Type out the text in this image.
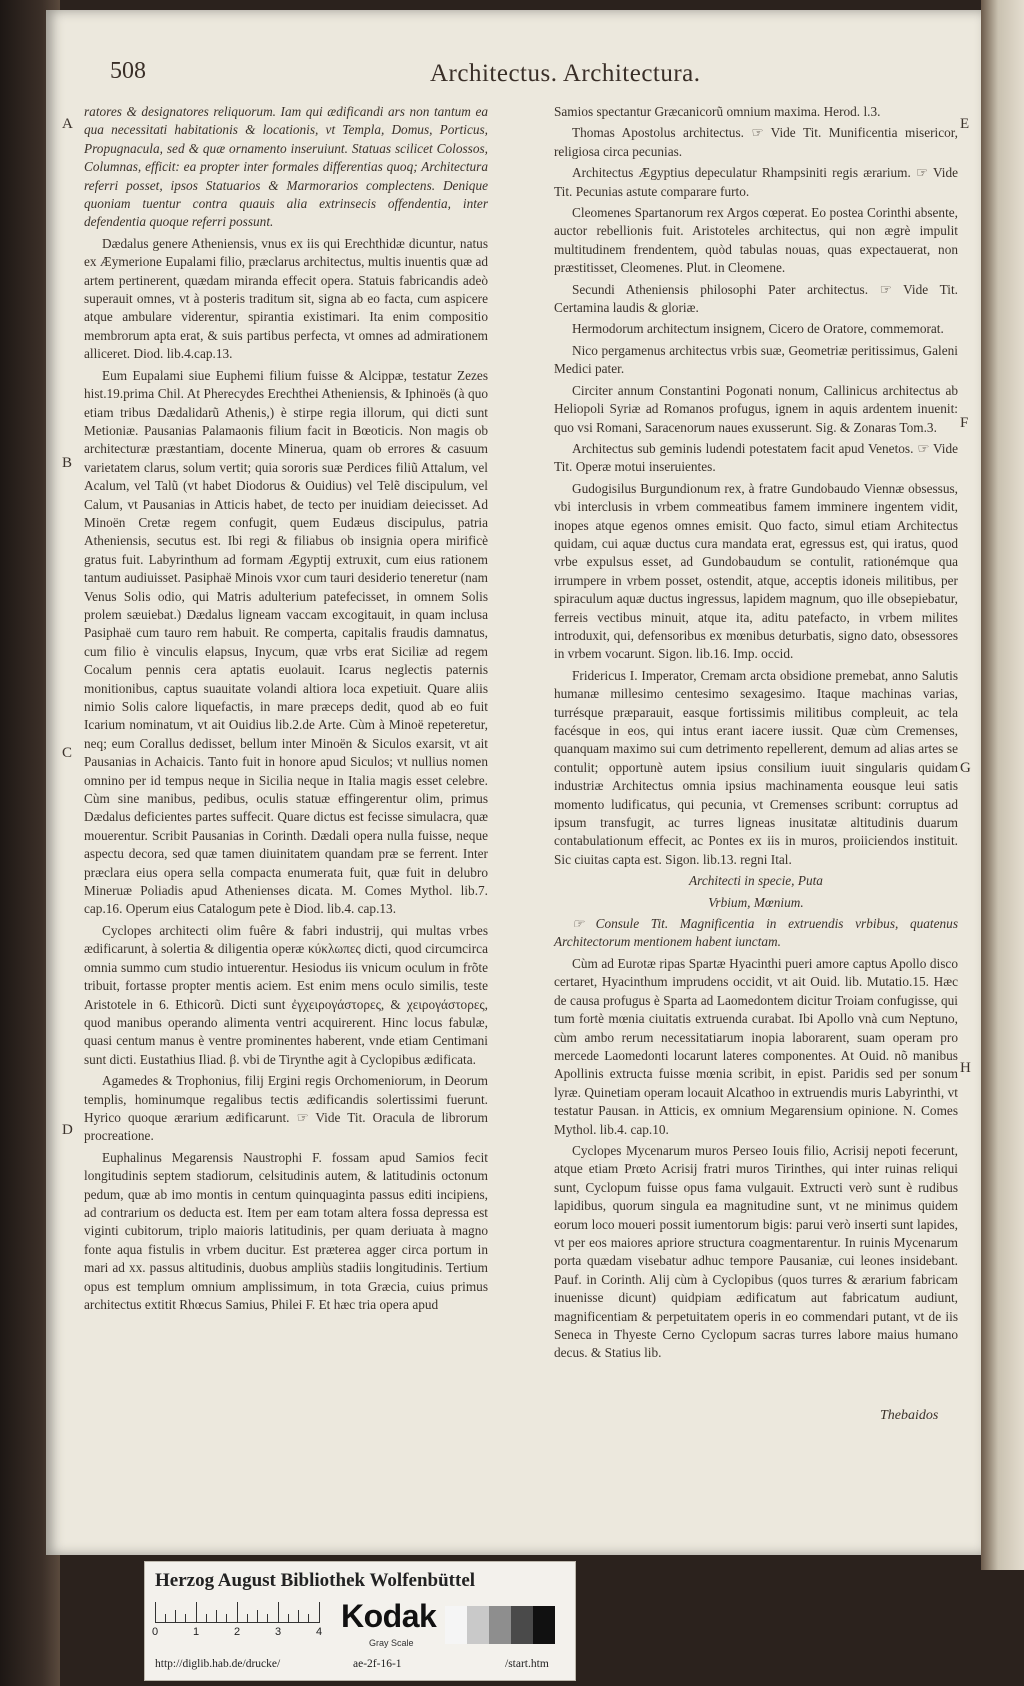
508	Architectus. Architectura.
A
B
C
D
E
F
G
H

ratores & designatores reliquorum. Iam qui ædificandi ars non tantum ea qua necessitati habitationis & locationis, vt Templa, Domus, Porticus, Propugnacula, sed & quæ ornamento inseruiunt. Statuas scilicet Colossos, Columnas, efficit: ea propter inter formales differentias quoq; Architectura referri posset, ipsos Statuarios & Marmorarios complectens. Denique quoniam tuentur contra quauis alia extrinsecis offendentia, inter defendentia quoque referri possunt.

Dædalus genere Atheniensis, vnus ex iis qui Erechthidæ dicuntur, natus ex Æymerione Eupalami filio, præclarus architectus, multis inuentis quæ ad artem pertinerent, quædam miranda effecit opera. Statuis fabricandis adeò superauit omnes, vt à posteris traditum sit, signa ab eo facta, cum aspicere atque ambulare viderentur, spirantia existimari. Ita enim compositio membrorum apta erat, & suis partibus perfecta, vt omnes ad admirationem alliceret. Diod. lib.4.cap.13.

Eum Eupalami siue Euphemi filium fuisse & Alcippæ, testatur Zezes hist.19.prima Chil. At Pherecydes Erechthei Atheniensis, & Iphinoës (à quo etiam tribus Dædalidarũ Athenis,) è stirpe regia illorum, qui dicti sunt Metioniæ. Pausanias Palamaonis filium facit in Bœoticis. Non magis ob architecturæ præstantiam, docente Minerua, quam ob errores & casuum varietatem clarus, solum vertit; quia sororis suæ Perdices filiũ Attalum, vel Acalum, vel Talũ (vt habet Diodorus & Ouidius) vel Telẽ discipulum, vel Calum, vt Pausanias in Atticis habet, de tecto per inuidiam deiecisset. Ad Minoën Cretæ regem confugit, quem Eudæus discipulus, patria Atheniensis, secutus est. Ibi regi & filiabus ob insignia opera mirificè gratus fuit. Labyrinthum ad formam Ægyptij extruxit, cum eius rationem tantum audiuisset. Pasiphaë Minois vxor cum tauri desiderio teneretur (nam Venus Solis odio, qui Matris adulterium patefecisset, in omnem Solis prolem sæuiebat.) Dædalus ligneam vaccam excogitauit, in quam inclusa Pasiphaë cum tauro rem habuit. Re comperta, capitalis fraudis damnatus, cum filio è vinculis elapsus, Inycum, quæ vrbs erat Siciliæ ad regem Cocalum pennis cera aptatis euolauit. Icarus neglectis paternis monitionibus, captus suauitate volandi altiora loca expetiuit. Quare aliis nimio Solis calore liquefactis, in mare præceps dedit, quod ab eo fuit Icarium nominatum, vt ait Ouidius lib.2.de Arte. Cùm à Minoë repeteretur, neq; eum Corallus dedisset, bellum inter Minoën & Siculos exarsit, vt ait Pausanias in Achaicis. Tanto fuit in honore apud Siculos; vt nullius nomen omnino per id tempus neque in Sicilia neque in Italia magis esset celebre. Cùm sine manibus, pedibus, oculis statuæ effingerentur olim, primus Dædalus deficientes partes suffecit. Quare dictus est fecisse simulacra, quæ mouerentur. Scribit Pausanias in Corinth. Dædali opera nulla fuisse, neque aspectu decora, sed quæ tamen diuinitatem quandam præ se ferrent. Inter præclara eius opera sella compacta enumerata fuit, quæ fuit in delubro Mineruæ Poliadis apud Athenienses dicata. M. Comes Mythol. lib.7. cap.16. Operum eius Catalogum pete è Diod. lib.4. cap.13.

Cyclopes architecti olim fuêre & fabri industrij, qui multas vrbes ædificarunt, à solertia & diligentia operæ κύκλωπες dicti, quod circumcirca omnia summo cum studio intuerentur. Hesiodus iis vnicum oculum in frõte tribuit, fortasse propter mentis aciem. Est enim mens oculo similis, teste Aristotele in 6. Ethicorũ. Dicti sunt ἐγχειρογάστορες, & χειρογάστορες, quod manibus operando alimenta ventri acquirerent. Hinc locus fabulæ, quasi centum manus è ventre prominentes haberent, vnde etiam Centimani sunt dicti. Eustathius Iliad. β. vbi de Tirynthe agit à Cyclopibus ædificata.

Agamedes & Trophonius, filij Ergini regis Orchomeniorum, in Deorum templis, hominumque regalibus tectis ædificandis solertissimi fuerunt. Hyrico quoque ærarium ædificarunt. ☞ Vide Tit. Oracula de librorum procreatione.

Euphalinus Megarensis Naustrophi F. fossam apud Samios fecit longitudinis septem stadiorum, celsitudinis autem, & latitudinis octonum pedum, quæ ab imo montis in centum quinquaginta passus editi incipiens, ad contrarium os deducta est. Item per eam totam altera fossa depressa est viginti cubitorum, triplo maioris latitudinis, per quam deriuata à magno fonte aqua fistulis in vrbem ducitur. Est præterea agger circa portum in mari ad xx. passus altitudinis, duobus ampliùs stadiis longitudinis. Tertium opus est templum omnium amplissimum, in tota Græcia, cuius primus architectus extitit Rhœcus Samius, Philei F. Et hæc tria opera apud

Samios spectantur Græcanicorũ omnium maxima. Herod. l.3.

Thomas Apostolus architectus. ☞ Vide Tit. Munificentia misericor, religiosa circa pecunias.

Architectus Ægyptius depeculatur Rhampsiniti regis ærarium. ☞ Vide Tit. Pecunias astute comparare furto.

Cleomenes Spartanorum rex Argos cœperat. Eo postea Corinthi absente, auctor rebellionis fuit. Aristoteles architectus, qui non ægrè impulit multitudinem frendentem, quòd tabulas nouas, quas expectauerat, non præstitisset, Cleomenes. Plut. in Cleomene.

Secundi Atheniensis philosophi Pater architectus. ☞ Vide Tit. Certamina laudis & gloriæ.

Hermodorum architectum insignem, Cicero de Oratore, commemorat.

Nico pergamenus architectus vrbis suæ, Geometriæ peritissimus, Galeni Medici pater.

Circiter annum Constantini Pogonati nonum, Callinicus architectus ab Heliopoli Syriæ ad Romanos profugus, ignem in aquis ardentem inuenit: quo vsi Romani, Saracenorum naues exusserunt. Sig. & Zonaras Tom.3.

Architectus sub geminis ludendi potestatem facit apud Venetos. ☞ Vide Tit. Operæ motui inseruientes.

Gudogisilus Burgundionum rex, à fratre Gundobaudo Viennæ obsessus, vbi interclusis in vrbem commeatibus famem imminere ingentem vidit, inopes atque egenos omnes emisit. Quo facto, simul etiam Architectus quidam, cui aquæ ductus cura mandata erat, egressus est, qui iratus, quod vrbe expulsus esset, ad Gundobaudum se contulit, rationémque qua irrumpere in vrbem posset, ostendit, atque, acceptis idoneis militibus, per spiraculum aquæ ductus ingressus, lapidem magnum, quo ille obsepiebatur, ferreis vectibus minuit, atque ita, aditu patefacto, in vrbem milites introduxit, qui, defensoribus ex mœnibus deturbatis, signo dato, obsessores in vrbem vocarunt. Sigon. lib.16. Imp. occid.

Fridericus I. Imperator, Cremam arcta obsidione premebat, anno Salutis humanæ millesimo centesimo sexagesimo. Itaque machinas varias, turrésque præparauit, easque fortissimis militibus compleuit, ac tela facésque in eos, qui intus erant iacere iussit. Quæ cùm Cremenses, quanquam maximo sui cum detrimento repellerent, demum ad alias artes se contulit; opportunè autem ipsius consilium iuuit singularis quidam industriæ Architectus omnia ipsius machinamenta eousque leui satis momento ludificatus, qui pecunia, vt Cremenses scribunt: corruptus ad ipsum transfugit, ac turres ligneas inusitatæ altitudinis duarum contabulationum effecit, ac Pontes ex iis in muros, proiiciendos instituit. Sic ciuitas capta est. Sigon. lib.13. regni Ital.

Architecti in specie, Puta

Vrbium, Mœnium.

☞ Consule Tit. Magnificentia in extruendis vrbibus, quatenus Architectorum mentionem habent iunctam.

Cùm ad Eurotæ ripas Spartæ Hyacinthi pueri amore captus Apollo disco certaret, Hyacinthum imprudens occidit, vt ait Ouid. lib. Mutatio.15. Hæc de causa profugus è Sparta ad Laomedontem dicitur Troiam confugisse, qui tum fortè mœnia ciuitatis extruenda curabat. Ibi Apollo vnà cum Neptuno, cùm ambo rerum necessitatiarum inopia laborarent, suam operam pro mercede Laomedonti locarunt lateres componentes. At Ouid. nõ manibus Apollinis extructa fuisse mœnia scribit, in epist. Paridis sed per sonum lyræ. Quinetiam operam locauit Alcathoo in extruendis muris Labyrinthi, vt testatur Pausan. in Atticis, ex omnium Megarensium opinione. N. Comes Mythol. lib.4. cap.10.

Cyclopes Mycenarum muros Perseo Iouis filio, Acrisij nepoti fecerunt, atque etiam Prœto Acrisij fratri muros Tirinthes, qui inter ruinas reliqui sunt, Cyclopum fuisse opus fama vulgauit. Extructi verò sunt è rudibus lapidibus, quorum singula ea magnitudine sunt, vt ne minimus quidem eorum loco moueri possit iumentorum bigis: parui verò inserti sunt lapides, vt per eos maiores apriore structura coagmentarentur. In ruinis Mycenarum porta quædam visebatur adhuc tempore Pausaniæ, cui leones insidebant. Pauf. in Corinth. Alij cùm à Cyclopibus (quos turres & ærarium fabricam inuenisse dicunt) quidpiam ædificatum aut fabricatum audiunt, magnificentiam & perpetuitatem operis in eo commendari putant, vt de iis Seneca in Thyeste Cerno Cyclopum sacras turres labore maius humano decus. & Statius lib.

Thebaidos
Herzog August Bibliothek Wolfenbüttel
0	1	2	3	4 Kodak
Gray Scale
http://diglib.hab.de/drucke/	ae-2f-16-1	/start.htm
